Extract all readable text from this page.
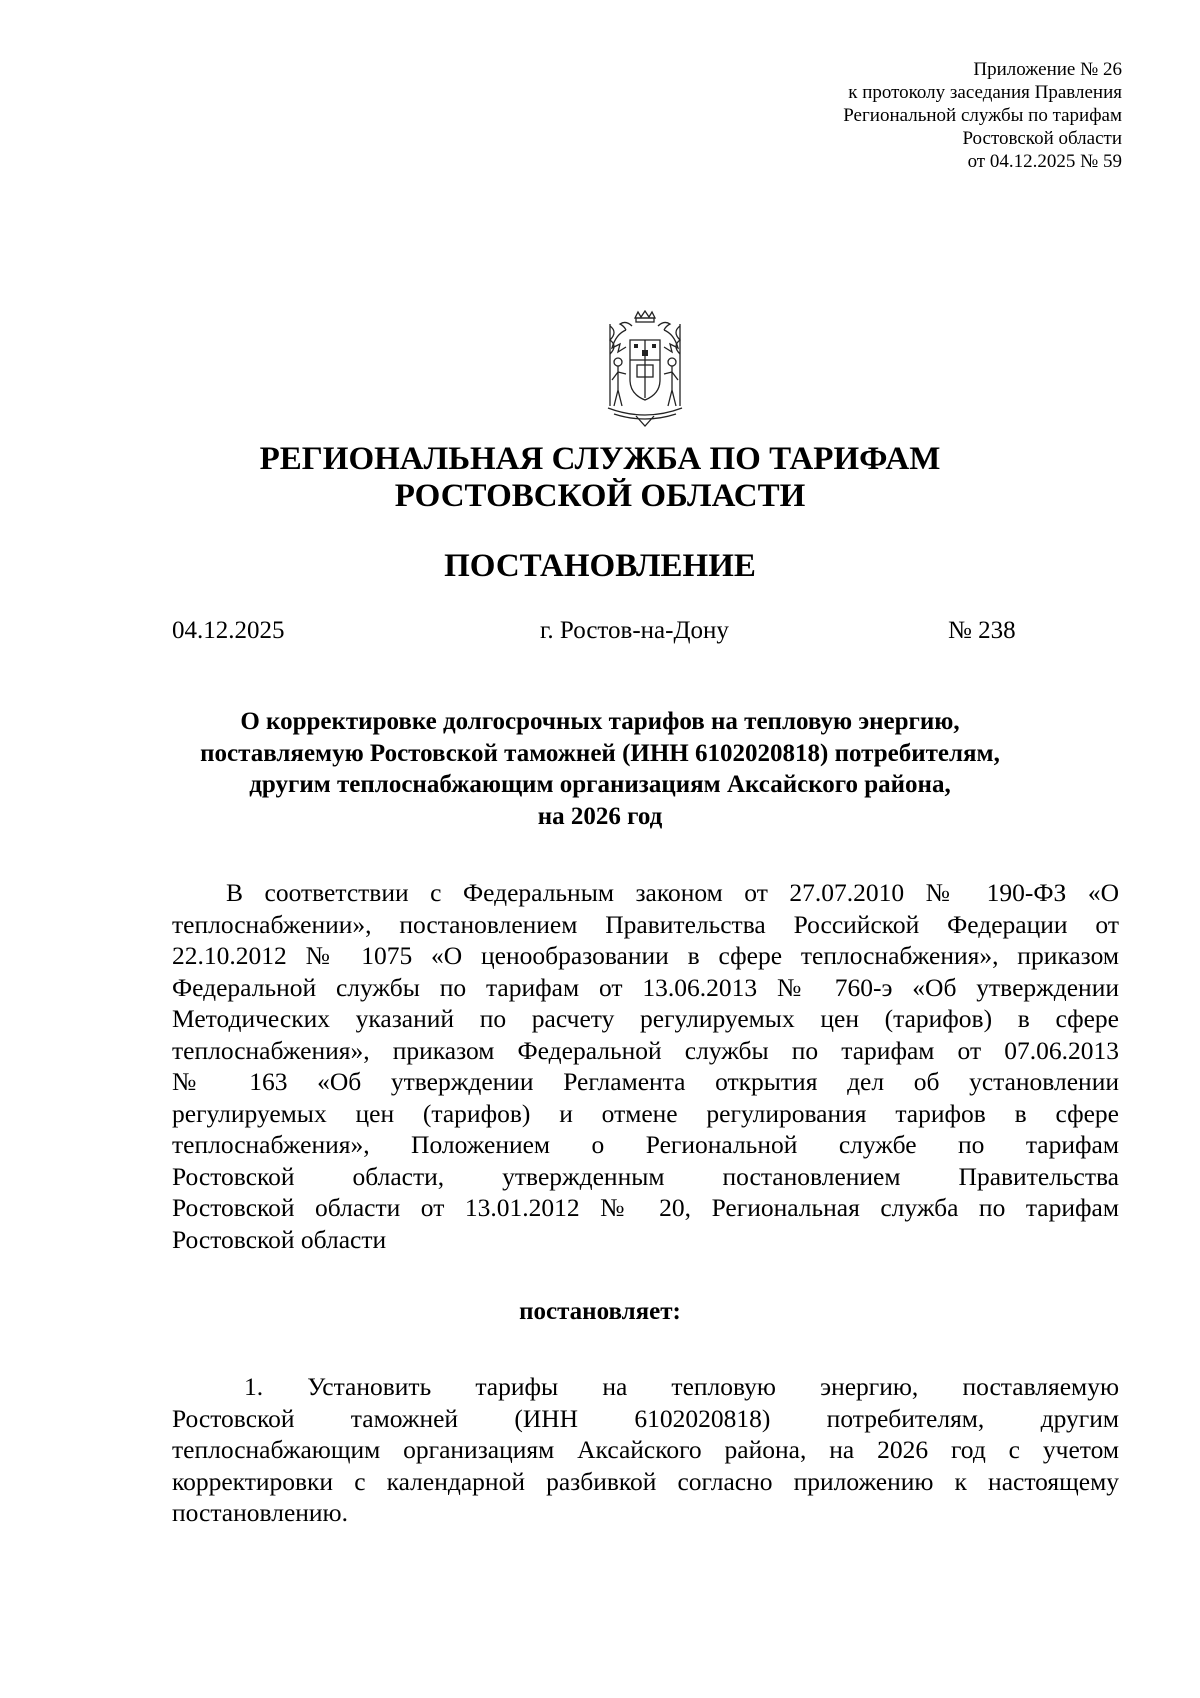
Приложение № 26
к протоколу заседания Правления
Региональной службы по тарифам
Ростовской области
от 04.12.2025 № 59
РЕГИОНАЛЬНАЯ СЛУЖБА ПО ТАРИФАМ
РОСТОВСКОЙ ОБЛАСТИ
ПОСТАНОВЛЕНИЕ
04.12.2025	г. Ростов-на-Дону	№ 238
О корректировке долгосрочных тарифов на тепловую энергию,
поставляемую Ростовской таможней (ИНН 6102020818) потребителям,
другим теплоснабжающим организациям Аксайского района,
на 2026 год
В соответствии с Федеральным законом от 27.07.2010 № 190-ФЗ «О
теплоснабжении», постановлением Правительства Российской Федерации от
22.10.2012 № 1075 «О ценообразовании в сфере теплоснабжения», приказом
Федеральной службы по тарифам от 13.06.2013 № 760-э «Об утверждении
Методических указаний по расчету регулируемых цен (тарифов) в сфере
теплоснабжения», приказом Федеральной службы по тарифам от 07.06.2013
№ 163 «Об утверждении Регламента открытия дел об установлении
регулируемых цен (тарифов) и отмене регулирования тарифов в сфере
теплоснабжения», Положением о Региональной службе по тарифам
Ростовской области, утвержденным постановлением Правительства
Ростовской области от 13.01.2012 № 20, Региональная служба по тарифам
Ростовской области
постановляет:
1. Установить тарифы на тепловую энергию, поставляемую
Ростовской таможней (ИНН 6102020818) потребителям, другим
теплоснабжающим организациям Аксайского района, на 2026 год с учетом
корректировки с календарной разбивкой согласно приложению к настоящему
постановлению.
